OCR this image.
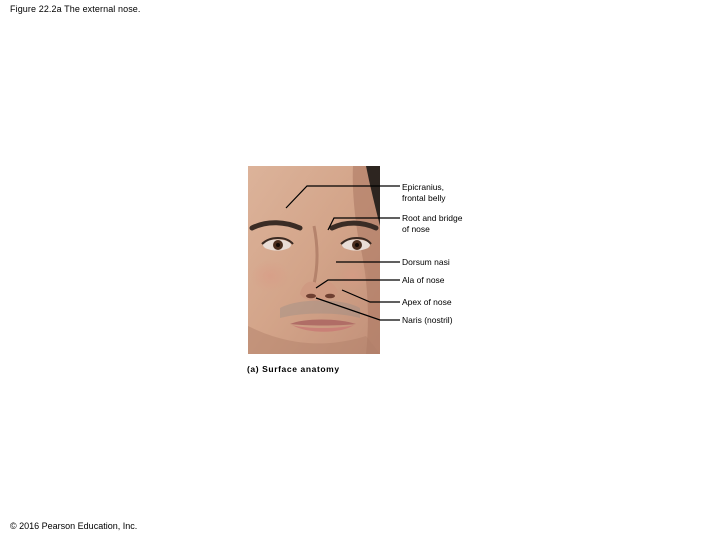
Figure 22.2a The external nose.
Epicranius,
frontal belly
Root and bridge
of nose
Dorsum nasi
Ala of nose
Apex of nose
Naris (nostril)
(a) Surface anatomy
© 2016 Pearson Education, Inc.
